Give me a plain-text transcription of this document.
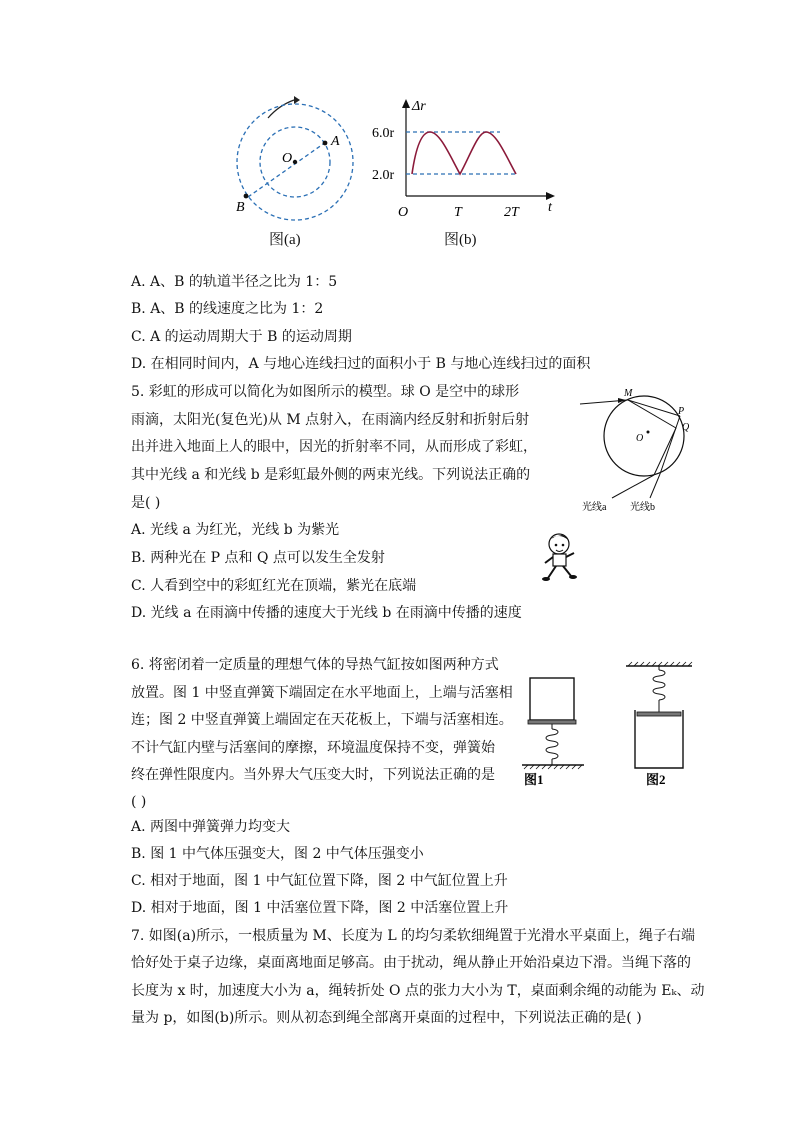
O
A
B
图(a)
Δr
t
6.0r
2.0r
O	T	2T
图(b)
A. A、B 的轨道半径之比为 1：5
B. A、B 的线速度之比为 1：2
C. A 的运动周期大于 B 的运动周期
D. 在相同时间内，A 与地心连线扫过的面积小于 B 与地心连线扫过的面积
5. 彩虹的形成可以简化为如图所示的模型。球 O 是空中的球形
雨滴，太阳光(复色光)从 M 点射入，在雨滴内经反射和折射后射
出并进入地面上人的眼中，因光的折射率不同，从而形成了彩虹，
其中光线 a 和光线 b 是彩虹最外侧的两束光线。下列说法正确的
是( )
A. 光线 a 为红光，光线 b 为紫光
B. 两种光在 P 点和 Q 点可以发生全发射
C. 人看到空中的彩虹红光在顶端，紫光在底端
D. 光线 a 在雨滴中传播的速度大于光线 b 在雨滴中传播的速度
M
P
Q
O
光线a 光线b
6. 将密闭着一定质量的理想气体的导热气缸按如图两种方式
放置。图 1 中竖直弹簧下端固定在水平地面上，上端与活塞相
连；图 2 中竖直弹簧上端固定在天花板上，下端与活塞相连。
不计气缸内壁与活塞间的摩擦，环境温度保持不变，弹簧始
终在弹性限度内。当外界大气压变大时，下列说法正确的是
( )
A. 两图中弹簧弹力均变大
B. 图 1 中气体压强变大，图 2 中气体压强变小
C. 相对于地面，图 1 中气缸位置下降，图 2 中气缸位置上升
D. 相对于地面，图 1 中活塞位置下降，图 2 中活塞位置上升
图1	图2
7. 如图(a)所示，一根质量为 M、长度为 L 的均匀柔软细绳置于光滑水平桌面上，绳子右端
恰好处于桌子边缘，桌面离地面足够高。由于扰动，绳从静止开始沿桌边下滑。当绳下落的
长度为 x 时，加速度大小为 a，绳转折处 O 点的张力大小为 T，桌面剩余绳的动能为 Eₖ、动
量为 p，如图(b)所示。则从初态到绳全部离开桌面的过程中，下列说法正确的是( )
